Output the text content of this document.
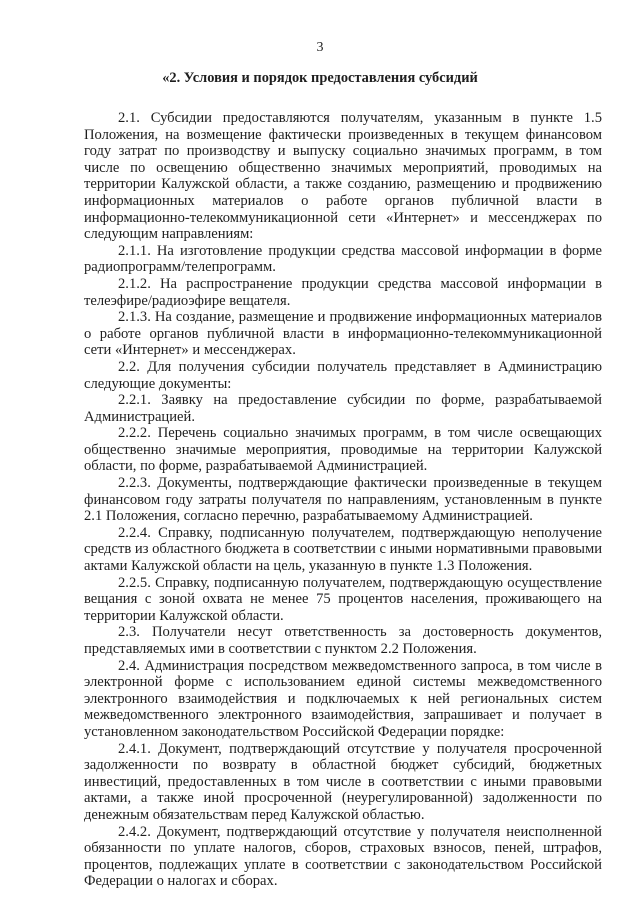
3
«2. Условия и порядок предоставления субсидий

2.1. Субсидии предоставляются получателям, указанным в пункте 1.5 Положения, на возмещение фактически произведенных в текущем финансовом году затрат по производству и выпуску социально значимых программ, в том числе по освещению общественно значимых мероприятий, проводимых на территории Калужской области, а также созданию, размещению и продвижению информационных материалов о работе органов публичной власти в информационно-телекоммуникационной сети «Интернет» и мессенджерах по следующим направлениям:

2.1.1. На изготовление продукции средства массовой информации в форме радиопрограмм/телепрограмм.

2.1.2. На распространение продукции средства массовой информации в телеэфире/радиоэфире вещателя.

2.1.3. На создание, размещение и продвижение информационных материалов о работе органов публичной власти в информационно-телекоммуникационной сети «Интернет» и мессенджерах.

2.2. Для получения субсидии получатель представляет в Администрацию следующие документы:

2.2.1. Заявку на предоставление субсидии по форме, разрабатываемой Администрацией.

2.2.2. Перечень социально значимых программ, в том числе освещающих общественно значимые мероприятия, проводимые на территории Калужской области, по форме, разрабатываемой Администрацией.

2.2.3. Документы, подтверждающие фактически произведенные в текущем финансовом году затраты получателя по направлениям, установленным в пункте 2.1 Положения, согласно перечню, разрабатываемому Администрацией.

2.2.4. Справку, подписанную получателем, подтверждающую неполучение средств из областного бюджета в соответствии с иными нормативными правовыми актами Калужской области на цель, указанную в пункте 1.3 Положения.

2.2.5. Справку, подписанную получателем, подтверждающую осуществление вещания с зоной охвата не менее 75 процентов населения, проживающего на территории Калужской области.

2.3. Получатели несут ответственность за достоверность документов, представляемых ими в соответствии с пунктом 2.2 Положения.

2.4. Администрация посредством межведомственного запроса, в том числе в электронной форме с использованием единой системы межведомственного электронного взаимодействия и подключаемых к ней региональных систем межведомственного электронного взаимодействия, запрашивает и получает в установленном законодательством Российской Федерации порядке:

2.4.1. Документ, подтверждающий отсутствие у получателя просроченной задолженности по возврату в областной бюджет субсидий, бюджетных инвестиций, предоставленных в том числе в соответствии с иными правовыми актами, а также иной просроченной (неурегулированной) задолженности по денежным обязательствам перед Калужской областью.

2.4.2. Документ, подтверждающий отсутствие у получателя неисполненной обязанности по уплате налогов, сборов, страховых взносов, пеней, штрафов, процентов, подлежащих уплате в соответствии с законодательством Российской Федерации о налогах и сборах.
